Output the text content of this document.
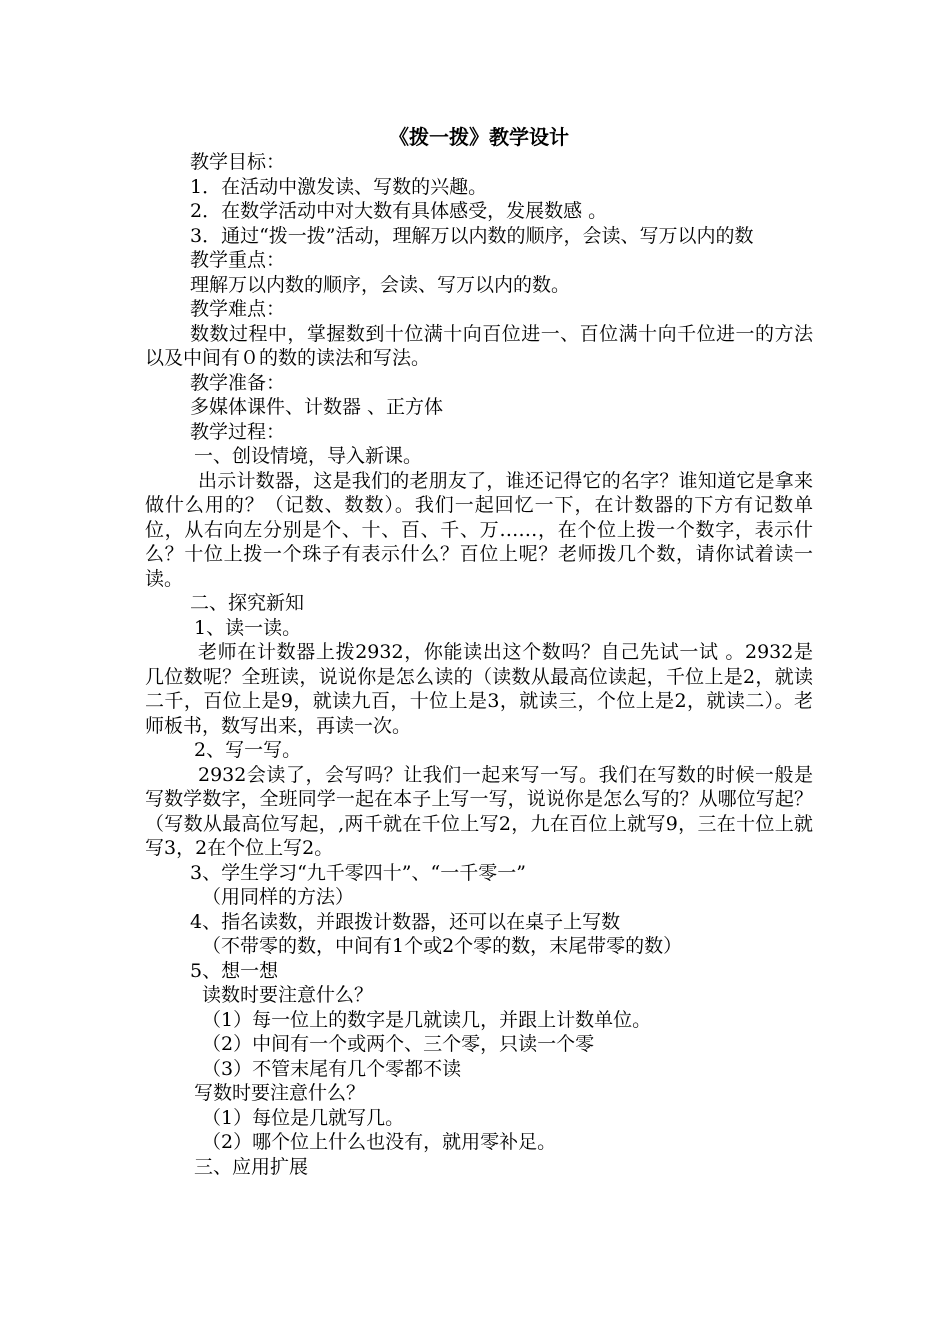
《拨一拨》教学设计

教学目标：

1．在活动中激发读、写数的兴趣。

2．在数学活动中对大数有具体感受，发展数感 。

3．通过“拨一拨”活动，理解万以内数的顺序，会读、写万以内的数

教学重点：

理解万以内数的顺序，会读、写万以内的数。

教学难点：

数数过程中，掌握数到十位满十向百位进一、百位满十向千位进一的方法以及中间有０的数的读法和写法。

教学准备：

多媒体课件、计数器 、正方体

教学过程：

一、创设情境，导入新课。

出示计数器，这是我们的老朋友了，谁还记得它的名字？谁知道它是拿来做什么用的？（记数、数数）。我们一起回忆一下，在计数器的下方有记数单位，从右向左分别是个、十、百、千、万……，在个位上拨一个数字，表示什么？十位上拨一个珠子有表示什么？百位上呢？老师拨几个数，请你试着读一读。

二、探究新知

1、读一读。

老师在计数器上拨2932，你能读出这个数吗？自己先试一试 。2932是几位数呢？全班读，说说你是怎么读的（读数从最高位读起，千位上是2，就读二千，百位上是9，就读九百，十位上是3，就读三，个位上是2，就读二）。老师板书，数写出来，再读一次。

2、写一写。

2932会读了，会写吗？让我们一起来写一写。我们在写数的时候一般是写数学数字，全班同学一起在本子上写一写，说说你是怎么写的？从哪位写起？（写数从最高位写起，,两千就在千位上写2，九在百位上就写9，三在十位上就写3，2在个位上写2。

3、学生学习“九千零四十”、“一千零一”

（用同样的方法）

4、指名读数，并跟拨计数器，还可以在桌子上写数

（不带零的数，中间有1个或2个零的数，末尾带零的数）

5、想一想

读数时要注意什么？

（1）每一位上的数字是几就读几，并跟上计数单位。

（2）中间有一个或两个、三个零，只读一个零

（3）不管末尾有几个零都不读

写数时要注意什么？

（1）每位是几就写几。

（2）哪个位上什么也没有，就用零补足。

三、应用扩展
